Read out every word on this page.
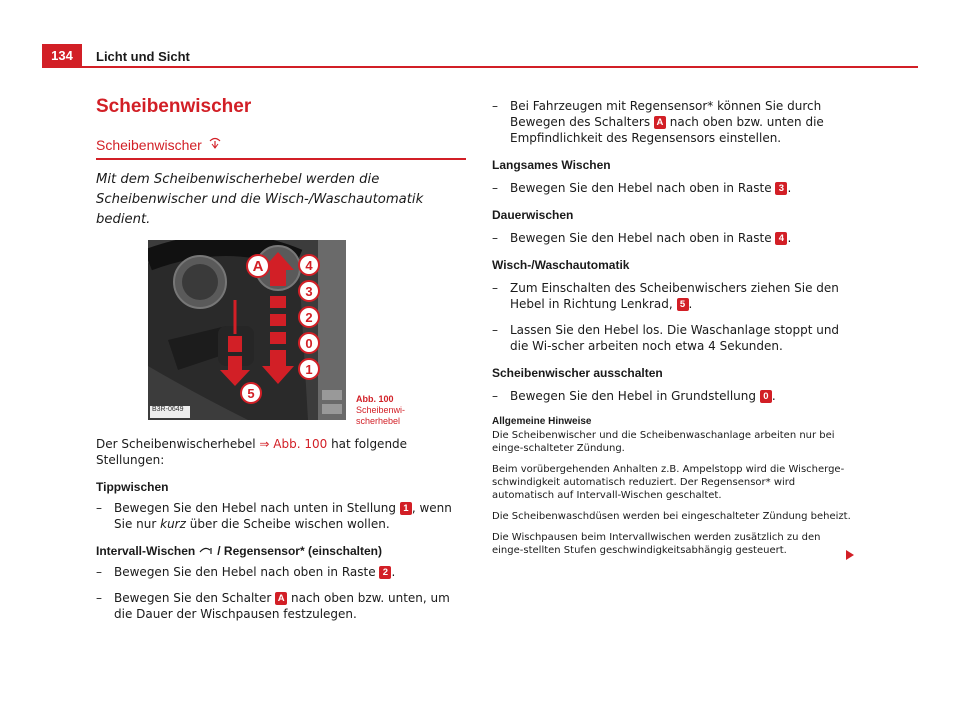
134	Licht und Sicht
Scheibenwischer
Scheibenwischer
Mit dem Scheibenwischerhebel werden die Scheibenwischer und die Wisch-/Waschautomatik bedient.
A	4
3
2
0
1
5
B3R-0649
Abb. 100
Scheibenwi-scherhebel
Der Scheibenwischerhebel ⇒ Abb. 100 hat folgende Stellungen:
Tippwischen
– Bewegen Sie den Hebel nach unten in Stellung 1 , wenn Sie nur kurz über die Scheibe wischen wollen.
Intervall-Wischen / Regensensor* (einschalten)
– Bewegen Sie den Hebel nach oben in Raste 2 .
– Bewegen Sie den Schalter A nach oben bzw. unten, um die Dauer der Wischpausen festzulegen.
– Bei Fahrzeugen mit Regensensor* können Sie durch Bewegen des Schalters A nach oben bzw. unten die Empfindlichkeit des Regensensors einstellen.
Langsames Wischen
– Bewegen Sie den Hebel nach oben in Raste 3 .
Dauerwischen
– Bewegen Sie den Hebel nach oben in Raste 4 .
Wisch-/Waschautomatik
– Zum Einschalten des Scheibenwischers ziehen Sie den Hebel in Richtung Lenkrad, 5 .
– Lassen Sie den Hebel los. Die Waschanlage stoppt und die Wi-scher arbeiten noch etwa 4 Sekunden.
Scheibenwischer ausschalten
– Bewegen Sie den Hebel in Grundstellung 0 .
Allgemeine Hinweise
Die Scheibenwischer und die Scheibenwaschanlage arbeiten nur bei einge-schalteter Zündung.
Beim vorübergehenden Anhalten z.B. Ampelstopp wird die Wischerge-schwindigkeit automatisch reduziert. Der Regensensor* wird automatisch auf Intervall-Wischen geschaltet.
Die Scheibenwaschdüsen werden bei eingeschalteter Zündung beheizt.
Die Wischpausen beim Intervallwischen werden zusätzlich zu den einge-stellten Stufen geschwindigkeitsabhängig gesteuert.
